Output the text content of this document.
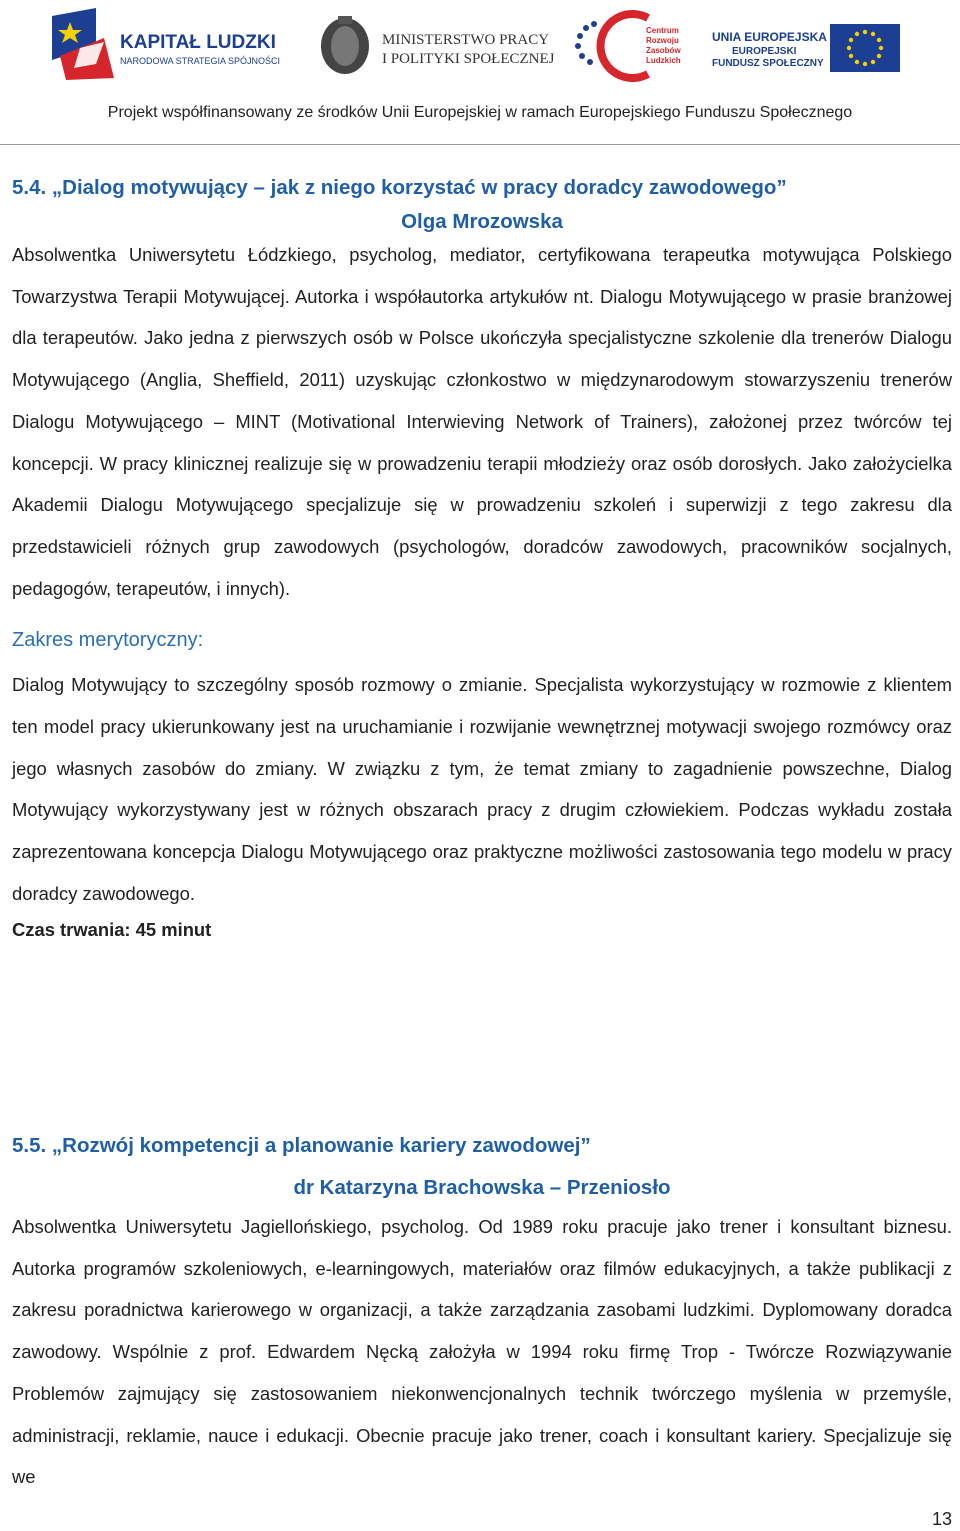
KAPITAŁ LUDZKI
NARODOWA STRATEGIA SPÓJNOŚCI
MINISTERSTWO PRACY
I POLITYKI SPOŁECZNEJ
Centrum
Rozwoju
Zasobów
Ludzkich
UNIA EUROPEJSKA
EUROPEJSKI
FUNDUSZ SPOŁECZNY
Projekt współfinansowany ze środków Unii Europejskiej w ramach Europejskiego Funduszu Społecznego
5.4. „Dialog motywujący – jak z niego korzystać w pracy doradcy zawodowego”
Olga Mrozowska

Absolwentka Uniwersytetu Łódzkiego, psycholog, mediator, certyfikowana terapeutka motywująca Polskiego Towarzystwa Terapii Motywującej. Autorka i współautorka artykułów nt. Dialogu Motywującego w prasie branżowej dla terapeutów. Jako jedna z pierwszych osób w Polsce ukończyła specjalistyczne szkolenie dla trenerów Dialogu Motywującego (Anglia, Sheffield, 2011) uzyskując członkostwo w międzynarodowym stowarzyszeniu trenerów Dialogu Motywującego – MINT (Motivational Interwieving Network of Trainers), założonej przez twórców tej koncepcji. W pracy klinicznej realizuje się w prowadzeniu terapii młodzieży oraz osób dorosłych. Jako założycielka Akademii Dialogu Motywującego specjalizuje się w prowadzeniu szkoleń i superwizji z tego zakresu dla przedstawicieli różnych grup zawodowych (psychologów, doradców zawodowych, pracowników socjalnych, pedagogów, terapeutów, i innych).

Zakres merytoryczny:

Dialog Motywujący to szczególny sposób rozmowy o zmianie. Specjalista wykorzystujący w rozmowie z klientem ten model pracy ukierunkowany jest na uruchamianie i rozwijanie wewnętrznej motywacji swojego rozmówcy oraz jego własnych zasobów do zmiany. W związku z tym, że temat zmiany to zagadnienie powszechne, Dialog Motywujący wykorzystywany jest w różnych obszarach pracy z drugim człowiekiem. Podczas wykładu została zaprezentowana koncepcja Dialogu Motywującego oraz praktyczne możliwości zastosowania tego modelu w pracy doradcy zawodowego.

Czas trwania: 45 minut
5.5. „Rozwój kompetencji a planowanie kariery zawodowej”
dr Katarzyna Brachowska – Przeniosło

Absolwentka Uniwersytetu Jagiellońskiego, psycholog. Od 1989 roku pracuje jako trener i konsultant biznesu. Autorka programów szkoleniowych, e-learningowych, materiałów oraz filmów edukacyjnych, a także publikacji z zakresu poradnictwa karierowego w organizacji, a także zarządzania zasobami ludzkimi. Dyplomowany doradca zawodowy. Wspólnie z prof. Edwardem Nęcką założyła w 1994 roku firmę Trop - Twórcze Rozwiązywanie Problemów zajmujący się zastosowaniem niekonwencjonalnych technik twórczego myślenia w przemyśle, administracji, reklamie, nauce i edukacji. Obecnie pracuje jako trener, coach i konsultant kariery. Specjalizuje się we

13
